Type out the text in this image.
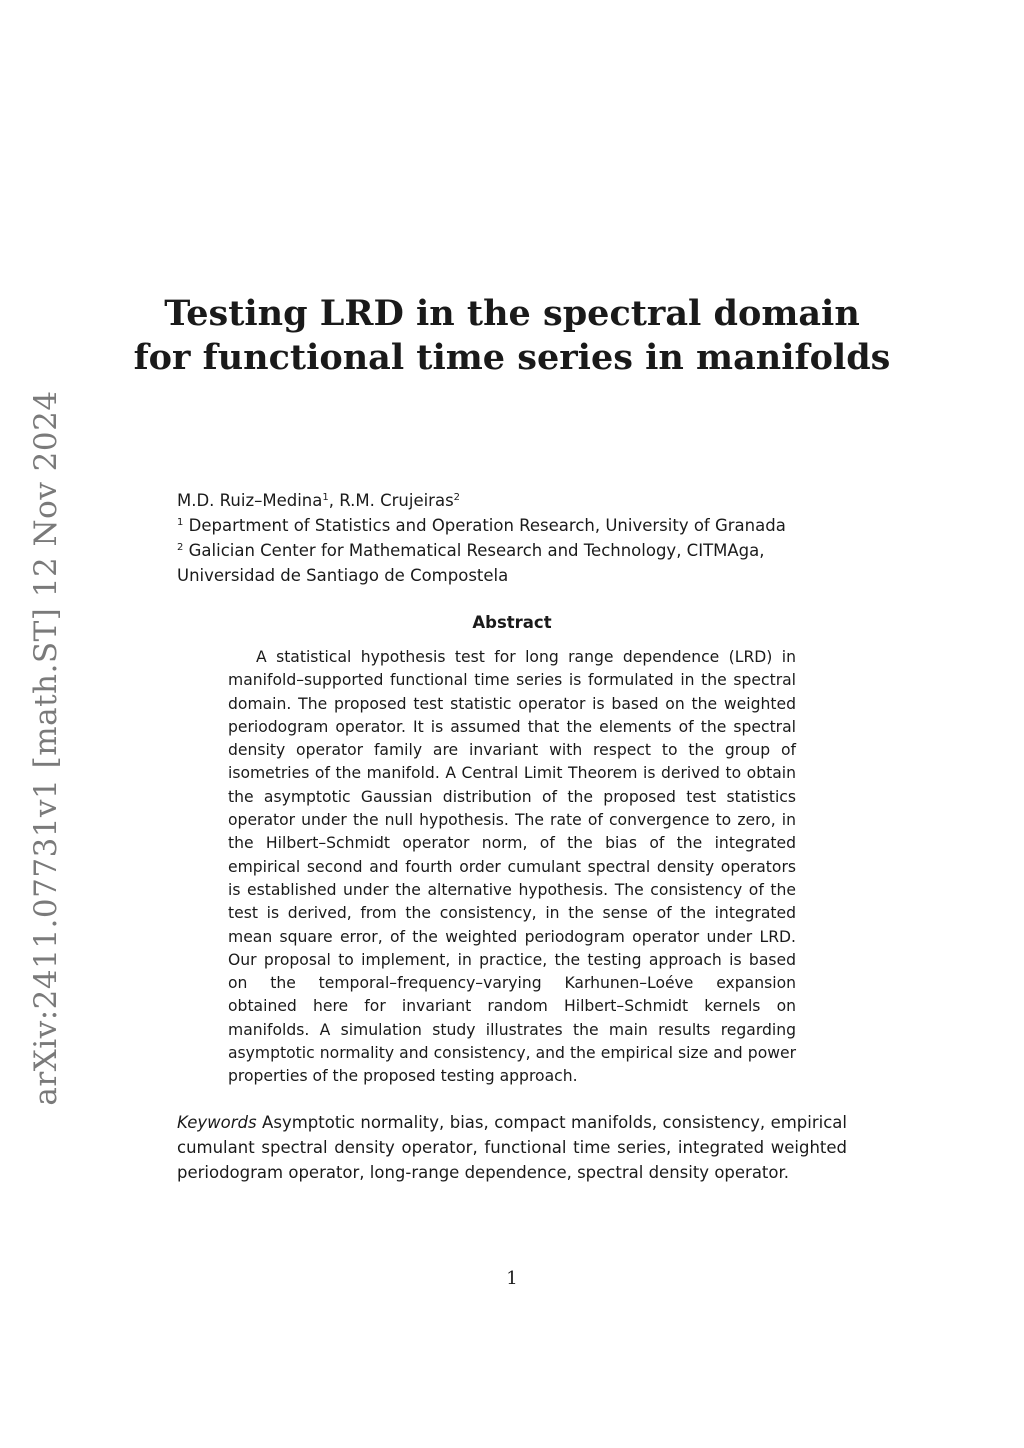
arXiv:2411.07731v1 [math.ST] 12 Nov 2024
Testing LRD in the spectral domain
for functional time series in manifolds

M.D. Ruiz–Medina$^1$, R.M. Crujeiras$^2$

$^1$ Department of Statistics and Operation Research, University of Granada

$^2$ Galician Center for Mathematical Research and Technology, CITMAga, Universidad de Santiago de Compostela

Abstract

A statistical hypothesis test for long range dependence (LRD) in manifold–supported functional time series is formulated in the spectral domain. The proposed test statistic operator is based on the weighted periodogram operator. It is assumed that the elements of the spectral density operator family are invariant with respect to the group of isometries of the manifold. A Central Limit Theorem is derived to obtain the asymptotic Gaussian distribution of the proposed test statistics operator under the null hypothesis. The rate of convergence to zero, in the Hilbert–Schmidt operator norm, of the bias of the integrated empirical second and fourth order cumulant spectral density operators is established under the alternative hypothesis. The consistency of the test is derived, from the consistency, in the sense of the integrated mean square error, of the weighted periodogram operator under LRD. Our proposal to implement, in practice, the testing approach is based on the temporal–frequency–varying Karhunen–Loéve expansion obtained here for invariant random Hilbert–Schmidt kernels on manifolds. A simulation study illustrates the main results regarding asymptotic normality and consistency, and the empirical size and power properties of the proposed testing approach.

Keywords Asymptotic normality, bias, compact manifolds, consistency, empirical cumulant spectral density operator, functional time series, integrated weighted periodogram operator, long-range dependence, spectral density operator.

1
